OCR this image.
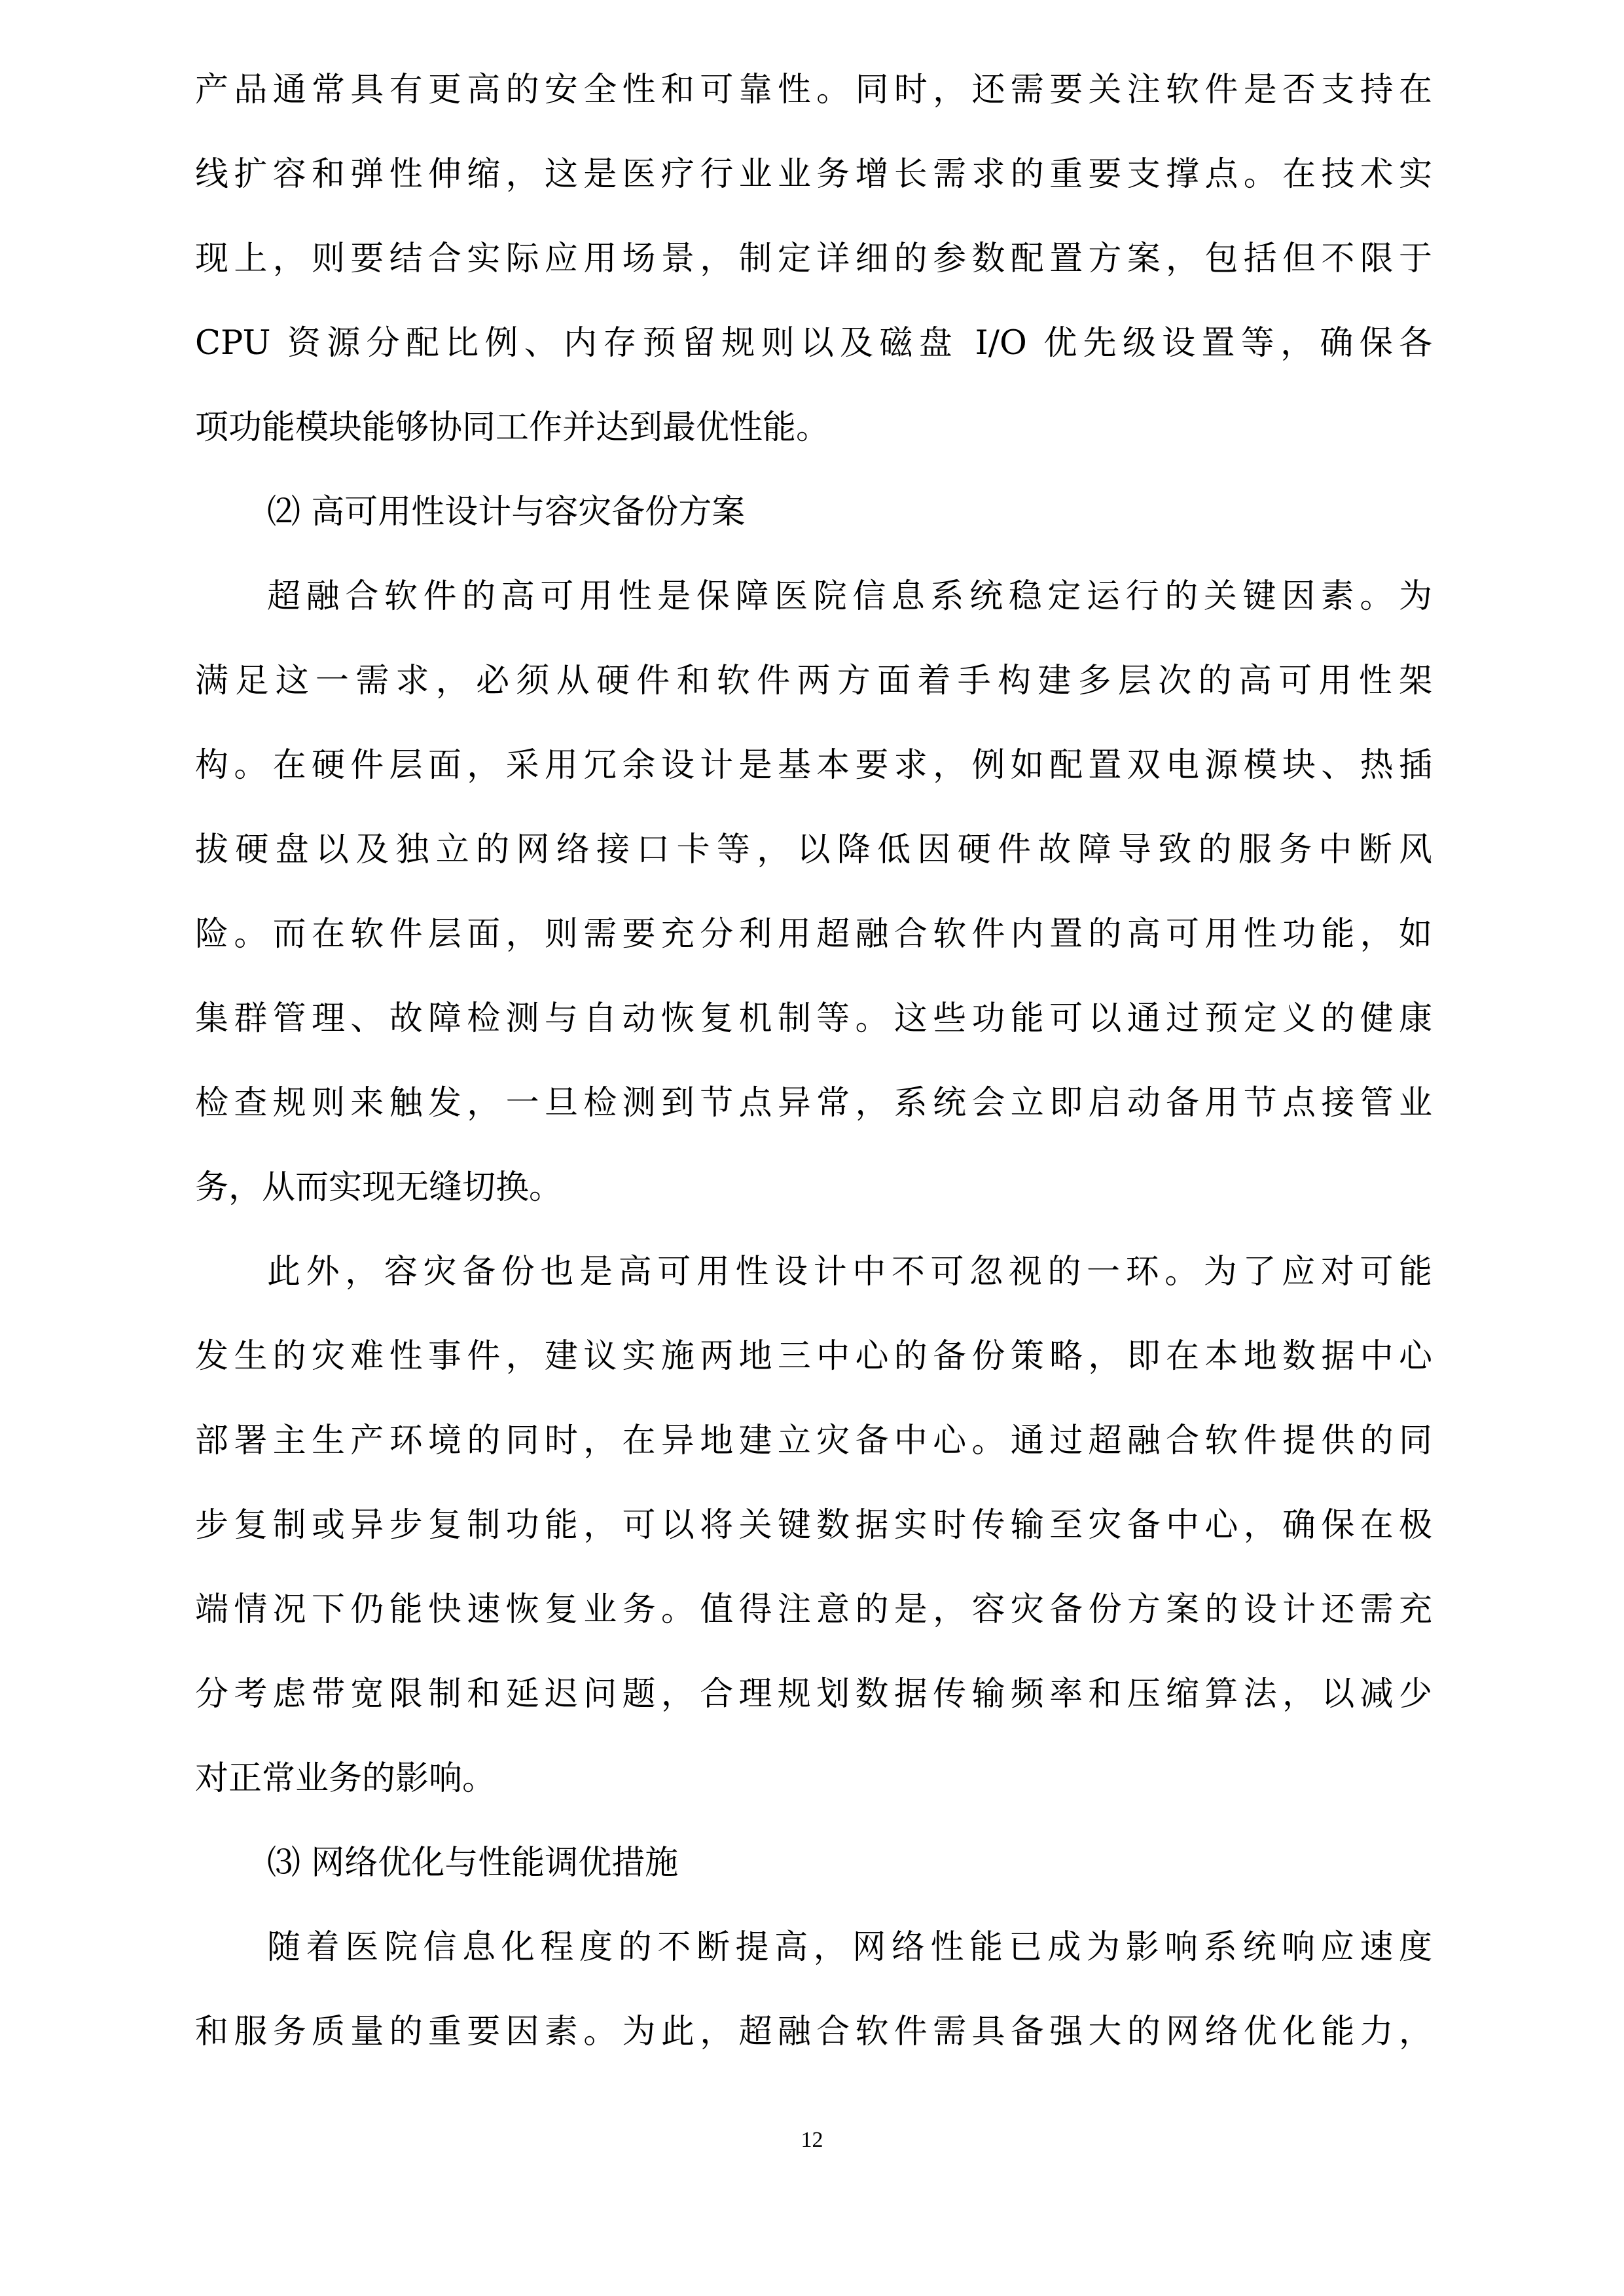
产品通常具有更高的安全性和可靠性。同时，还需要关注软件是否支持在
线扩容和弹性伸缩，这是医疗行业业务增长需求的重要支撑点。在技术实
现上，则要结合实际应用场景，制定详细的参数配置方案，包括但不限于
CPU 资源分配比例、内存预留规则以及磁盘 I/O 优先级设置等，确保各
项功能模块能够协同工作并达到最优性能。
⑵ 高可用性设计与容灾备份方案
超融合软件的高可用性是保障医院信息系统稳定运行的关键因素。为
满足这一需求，必须从硬件和软件两方面着手构建多层次的高可用性架
构。在硬件层面，采用冗余设计是基本要求，例如配置双电源模块、热插
拔硬盘以及独立的网络接口卡等，以降低因硬件故障导致的服务中断风
险。而在软件层面，则需要充分利用超融合软件内置的高可用性功能，如
集群管理、故障检测与自动恢复机制等。这些功能可以通过预定义的健康
检查规则来触发，一旦检测到节点异常，系统会立即启动备用节点接管业
务，从而实现无缝切换。
此外，容灾备份也是高可用性设计中不可忽视的一环。为了应对可能
发生的灾难性事件，建议实施两地三中心的备份策略，即在本地数据中心
部署主生产环境的同时，在异地建立灾备中心。通过超融合软件提供的同
步复制或异步复制功能，可以将关键数据实时传输至灾备中心，确保在极
端情况下仍能快速恢复业务。值得注意的是，容灾备份方案的设计还需充
分考虑带宽限制和延迟问题，合理规划数据传输频率和压缩算法，以减少
对正常业务的影响。
⑶ 网络优化与性能调优措施
随着医院信息化程度的不断提高，网络性能已成为影响系统响应速度
和服务质量的重要因素。为此，超融合软件需具备强大的网络优化能力，
12
